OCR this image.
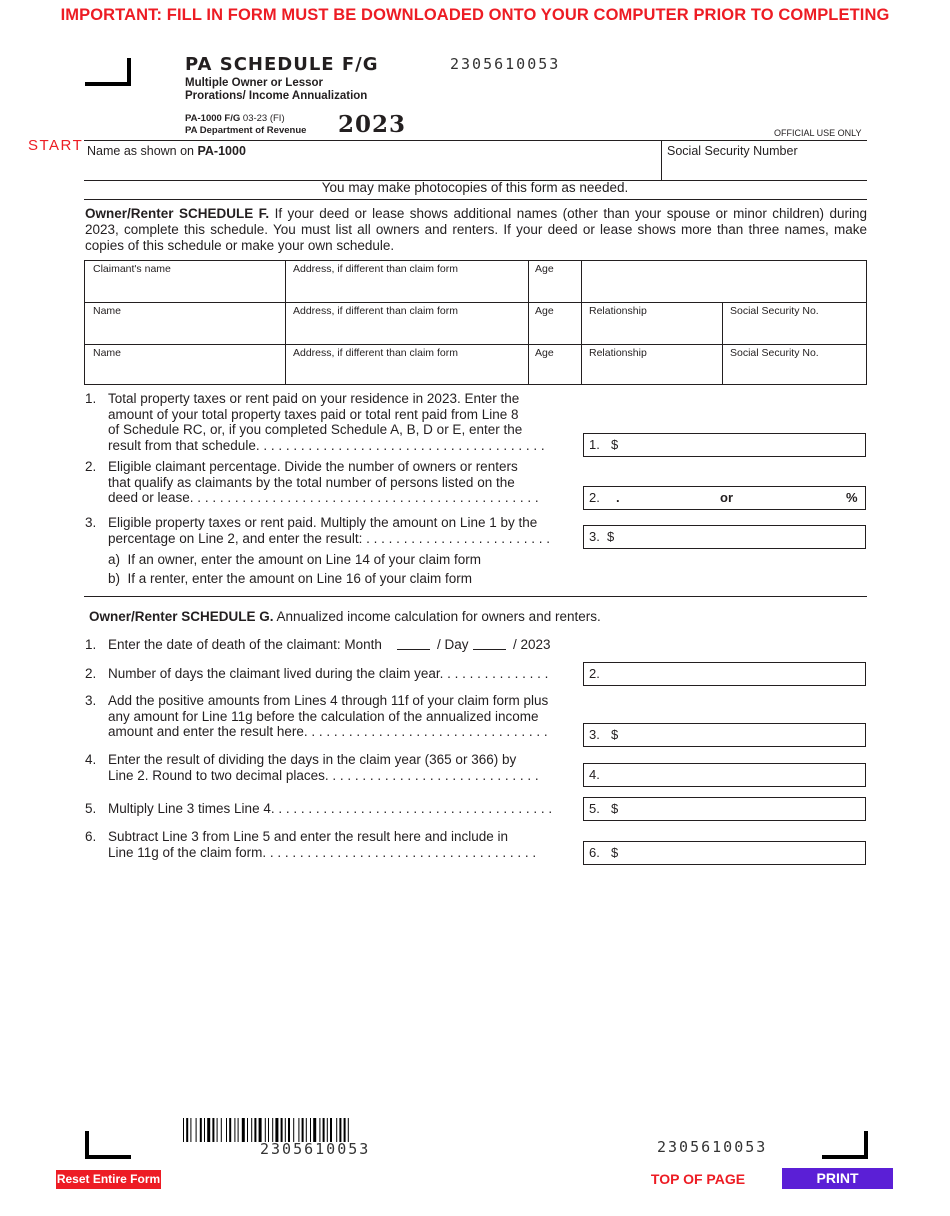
IMPORTANT: FILL IN FORM MUST BE DOWNLOADED ONTO YOUR COMPUTER PRIOR TO COMPLETING
PA SCHEDULE F/G
Multiple Owner or Lessor
Prorations/ Income Annualization
2305610053
PA-1000 F/G 03-23 (FI)
PA Department of Revenue 2023	OFFICIAL USE ONLY
START Name as shown on PA-1000	Social Security Number
You may make photocopies of this form as needed.
Owner/Renter SCHEDULE F. If your deed or lease shows additional names (other than your spouse or minor children) during 2023, complete this schedule. You must list all owners and renters. If your deed or lease shows more than three names, make copies of this schedule or make your own schedule.
Claimant's name	Address, if different than claim form	Age
Name	Address, if different than claim form	Age	Relationship	Social Security No.
Name	Address, if different than claim form	Age	Relationship	Social Security No.
1. Total property taxes or rent paid on your residence in 2023. Enter the
amount of your total property taxes paid or total rent paid from Line 8
of Schedule RC, or, if you completed Schedule A, B, D or E, enter the
result from that schedule. . . . . . . . . . . . . . . . . . . . . . . . . . . . . . . . . . . . . . .	1. $
2. Eligible claimant percentage. Divide the number of owners or renters
that qualify as claimants by the total number of persons listed on the
deed or lease. . . . . . . . . . . . . . . . . . . . . . . . . . . . . . . . . . . . . . . . . . . . . . .	2. .	or	%
3. Eligible property taxes or rent paid. Multiply the amount on Line 1 by the
percentage on Line 2, and enter the result: . . . . . . . . . . . . . . . . . . . . . . . . .	3. $
a)  If an owner, enter the amount on Line 14 of your claim form
b)  If a renter, enter the amount on Line 16 of your claim form
Owner/Renter SCHEDULE G. Annualized income calculation for owners and renters.
1. Enter the date of death of the claimant: Month	/ Day	/ 2023
2. Number of days the claimant lived during the claim year. . . . . . . . . . . . . . .	2.
3. Add the positive amounts from Lines 4 through 11f of your claim form plus
any amount for Line 11g before the calculation of the annualized income
amount and enter the result here. . . . . . . . . . . . . . . . . . . . . . . . . . . . . . . . .	3. $
4. Enter the result of dividing the days in the claim year (365 or 366) by
Line 2. Round to two decimal places. . . . . . . . . . . . . . . . . . . . . . . . . . . . .	4.
5. Multiply Line 3 times Line 4. . . . . . . . . . . . . . . . . . . . . . . . . . . . . . . . . . . . . .	5. $
6. Subtract Line 3 from Line 5 and enter the result here and include in
Line 11g of the claim form. . . . . . . . . . . . . . . . . . . . . . . . . . . . . . . . . . . . .	6. $
2305610053	2305610053
Reset Entire Form	TOP OF PAGE	PRINT
